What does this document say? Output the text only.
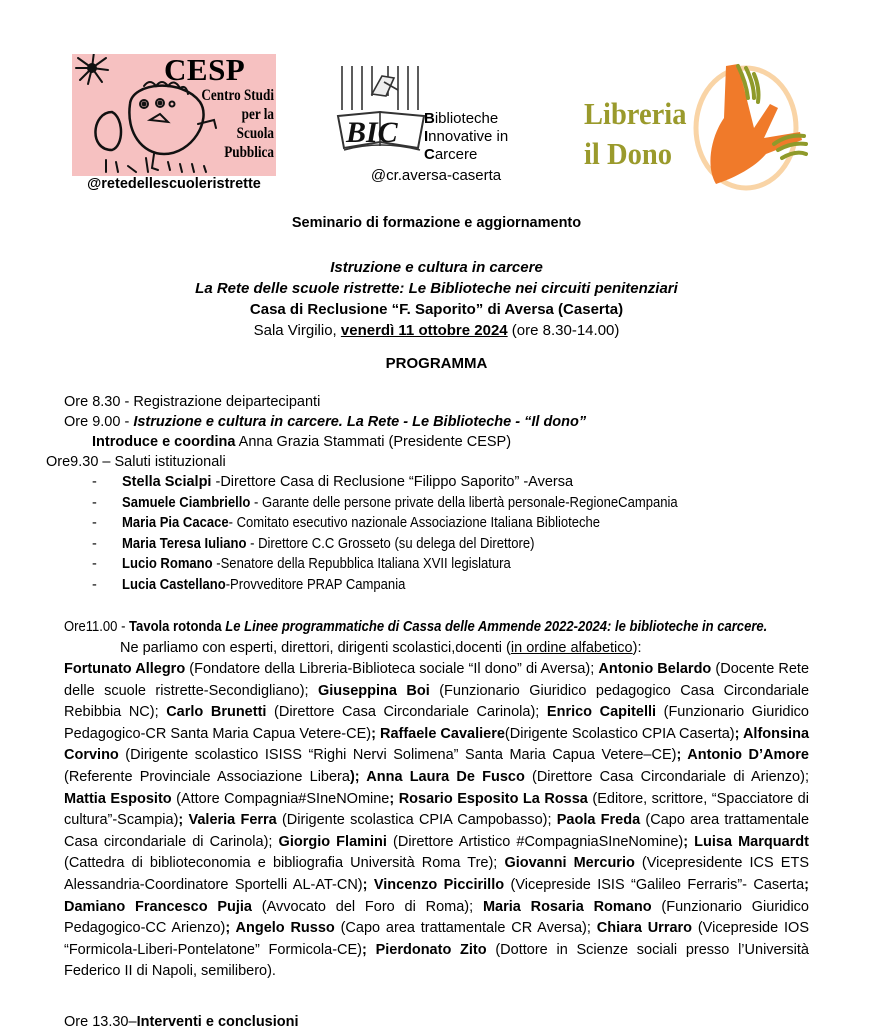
CESP
Centro Studi
per la
Scuola
Pubblica
@retedellescuoleristrette
BIC Biblioteche
Innovative in
Carcere
@cr.aversa-caserta
Libreria
il Dono
Seminario di formazione e aggiornamento
Istruzione e cultura in carcere
La Rete delle scuole ristrette: Le Biblioteche nei circuiti penitenziari
Casa di Reclusione “F. Saporito” di Aversa (Caserta)
Sala Virgilio, venerdì 11 ottobre 2024 (ore 8.30-14.00)
PROGRAMMA
Ore 8.30 - Registrazione deipartecipanti
Ore 9.00 - Istruzione e cultura in carcere. La Rete - Le Biblioteche - “Il dono”
Introduce e coordina Anna Grazia Stammati (Presidente CESP)
Ore9.30 – Saluti istituzionali
- Stella Scialpi -Direttore Casa di Reclusione “Filippo Saporito” -Aversa
- Samuele Ciambriello - Garante delle persone private della libertà personale-RegioneCampania
- Maria Pia Cacace- Comitato esecutivo nazionale Associazione Italiana Biblioteche
- Maria Teresa Iuliano - Direttore C.C Grosseto (su delega del Direttore)
- Lucio Romano -Senatore della Repubblica Italiana XVII legislatura
- Lucia Castellano-Provveditore PRAP Campania
Ore11.00 - Tavola rotonda Le Linee programmatiche di Cassa delle Ammende 2022-2024: le biblioteche in carcere.
Ne parliamo con esperti, direttori, dirigenti scolastici,docenti (in ordine alfabetico):
Fortunato Allegro (Fondatore della Libreria-Biblioteca sociale “Il dono” di Aversa); Antonio Belardo (Docente Rete delle scuole ristrette-Secondigliano); Giuseppina Boi (Funzionario Giuridico pedagogico Casa Circondariale Rebibbia NC); Carlo Brunetti (Direttore Casa Circondariale Carinola); Enrico Capitelli (Funzionario Giuridico Pedagogico-CR Santa Maria Capua Vetere-CE); Raffaele Cavaliere(Dirigente Scolastico CPIA Caserta); Alfonsina Corvino (Dirigente scolastico ISISS “Righi Nervi Solimena” Santa Maria Capua Vetere–CE); Antonio D’Amore (Referente Provinciale Associazione Libera); Anna Laura De Fusco (Direttore Casa Circondariale di Arienzo); Mattia Esposito (Attore Compagnia#SIneNOmine; Rosario Esposito La Rossa (Editore, scrittore, “Spacciatore di cultura”-Scampia); Valeria Ferra (Dirigente scolastica CPIA Campobasso); Paola Freda (Capo area trattamentale Casa circondariale di Carinola); Giorgio Flamini (Direttore Artistico #CompagniaSIneNomine); Luisa Marquardt (Cattedra di biblioteconomia e bibliografia Università Roma Tre); Giovanni Mercurio (Vicepresidente ICS ETS Alessandria-Coordinatore Sportelli AL-AT-CN); Vincenzo Piccirillo (Vicepreside ISIS “Galileo Ferraris”- Caserta; Damiano Francesco Pujia (Avvocato del Foro di Roma); Maria Rosaria Romano (Funzionario Giuridico Pedagogico-CC Arienzo); Angelo Russo (Capo area trattamentale CR Aversa); Chiara Urraro (Vicepreside IOS “Formicola-Liberi-Pontelatone” Formicola-CE); Pierdonato Zito (Dottore in Scienze sociali presso l’Università Federico II di Napoli, semilibero).
Ore 13.30–Interventi e conclusioni
